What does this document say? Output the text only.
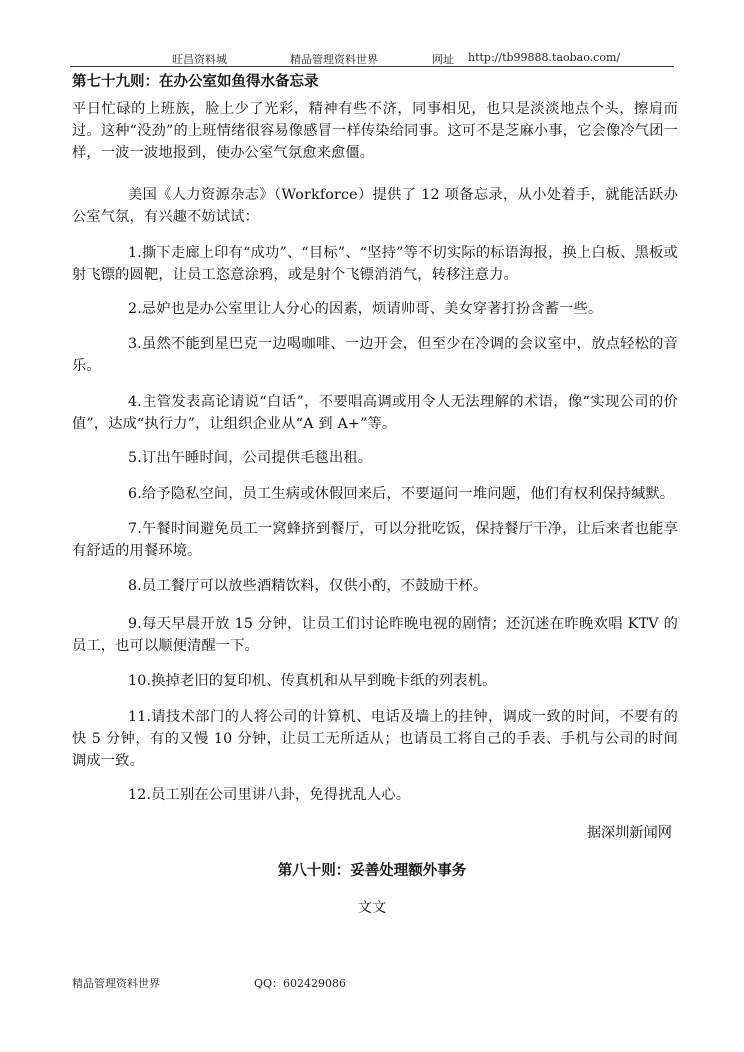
旺昌资料城	精品管理资料世界	网址 http://tb99888.taobao.com/
第七十九则：在办公室如鱼得水备忘录
平日忙碌的上班族，脸上少了光彩，精神有些不济，同事相见，也只是淡淡地点个头，擦肩而过。这种“没劲”的上班情绪很容易像感冒一样传染给同事。这可不是芝麻小事，它会像冷气团一样，一波一波地报到，使办公室气氛愈来愈僵。
美国《人力资源杂志》（Workforce）提供了 12 项备忘录，从小处着手，就能活跃办公室气氛，有兴趣不妨试试：
1.撕下走廊上印有“成功”、“目标”、“坚持”等不切实际的标语海报，换上白板、黑板或射飞镖的圆靶，让员工恣意涂鸦，或是射个飞镖消消气，转移注意力。
2.忌妒也是办公室里让人分心的因素，烦请帅哥、美女穿著打扮含蓄一些。
3.虽然不能到星巴克一边喝咖啡、一边开会，但至少在冷调的会议室中，放点轻松的音乐。
4.主管发表高论请说“白话”，不要唱高调或用令人无法理解的术语，像“实现公司的价值”，达成“执行力”，让组织企业从“A 到 A+”等。
5.订出午睡时间，公司提供毛毯出租。
6.给予隐私空间，员工生病或休假回来后，不要逼问一堆问题，他们有权利保持缄默。
7.午餐时间避免员工一窝蜂挤到餐厅，可以分批吃饭，保持餐厅干净，让后来者也能享有舒适的用餐环境。
8.员工餐厅可以放些酒精饮料，仅供小酌，不鼓励干杯。
9.每天早晨开放 15 分钟，让员工们讨论昨晚电视的剧情；还沉迷在昨晚欢唱 KTV 的员工，也可以顺便清醒一下。
10.换掉老旧的复印机、传真机和从早到晚卡纸的列表机。
11.请技术部门的人将公司的计算机、电话及墙上的挂钟，调成一致的时间，不要有的快 5 分钟，有的又慢 10 分钟，让员工无所适从；也请员工将自己的手表、手机与公司的时间调成一致。
12.员工别在公司里讲八卦，免得扰乱人心。
据深圳新闻网
第八十则：妥善处理额外事务
文文
精品管理资料世界	QQ：602429086
